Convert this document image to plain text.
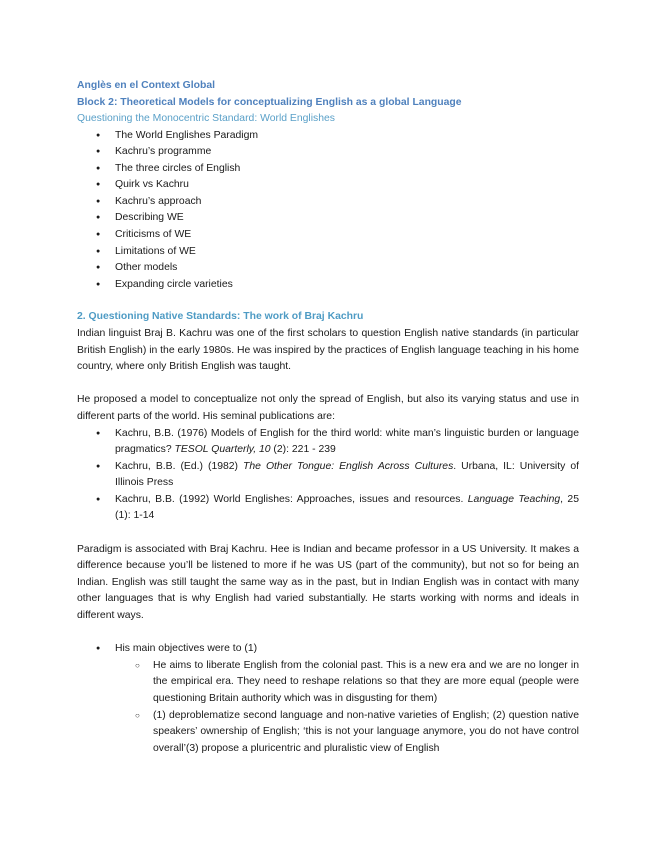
Anglès en el Context Global
Block 2: Theoretical Models for conceptualizing English as a global Language
Questioning the Monocentric Standard: World Englishes
● The World Englishes Paradigm
● Kachru’s programme
● The three circles of English
● Quirk vs Kachru
● Kachru’s approach
● Describing WE
● Criticisms of WE
● Limitations of WE
● Other models
● Expanding circle varieties
2. Questioning Native Standards: The work of Braj Kachru

Indian linguist Braj B. Kachru was one of the first scholars to question English native standards (in particular British English) in the early 1980s. He was inspired by the practices of English language teaching in his home country, where only British English was taught.

He proposed a model to conceptualize not only the spread of English, but also its varying status and use in different parts of the world. His seminal publications are:

● Kachru, B.B. (1976) Models of English for the third world: white man’s linguistic burden or language pragmatics? TESOL Quarterly, 10 (2): 221 - 239
● Kachru, B.B. (Ed.) (1982) The Other Tongue: English Across Cultures. Urbana, IL: University of Illinois Press
● Kachru, B.B. (1992) World Englishes: Approaches, issues and resources. Language Teaching, 25 (1): 1-14

Paradigm is associated with Braj Kachru. Hee is Indian and became professor in a US University. It makes a difference because you’ll be listened to more if he was US (part of the community), but not so for being an Indian. English was still taught the same way as in the past, but in Indian English was in contact with many other languages that is why English had varied substantially. He starts working with norms and ideals in different ways.

● His main objectives were to (1)
○ He aims to liberate English from the colonial past. This is a new era and we are no longer in the empirical era. They need to reshape relations so that they are more equal (people were questioning Britain authority which was in disgusting for them)
○ (1) deproblematize second language and non-native varieties of English; (2) question native speakers’ ownership of English; ‘this is not your language anymore, you do not have control overall’(3) propose a pluricentric and pluralistic view of English
